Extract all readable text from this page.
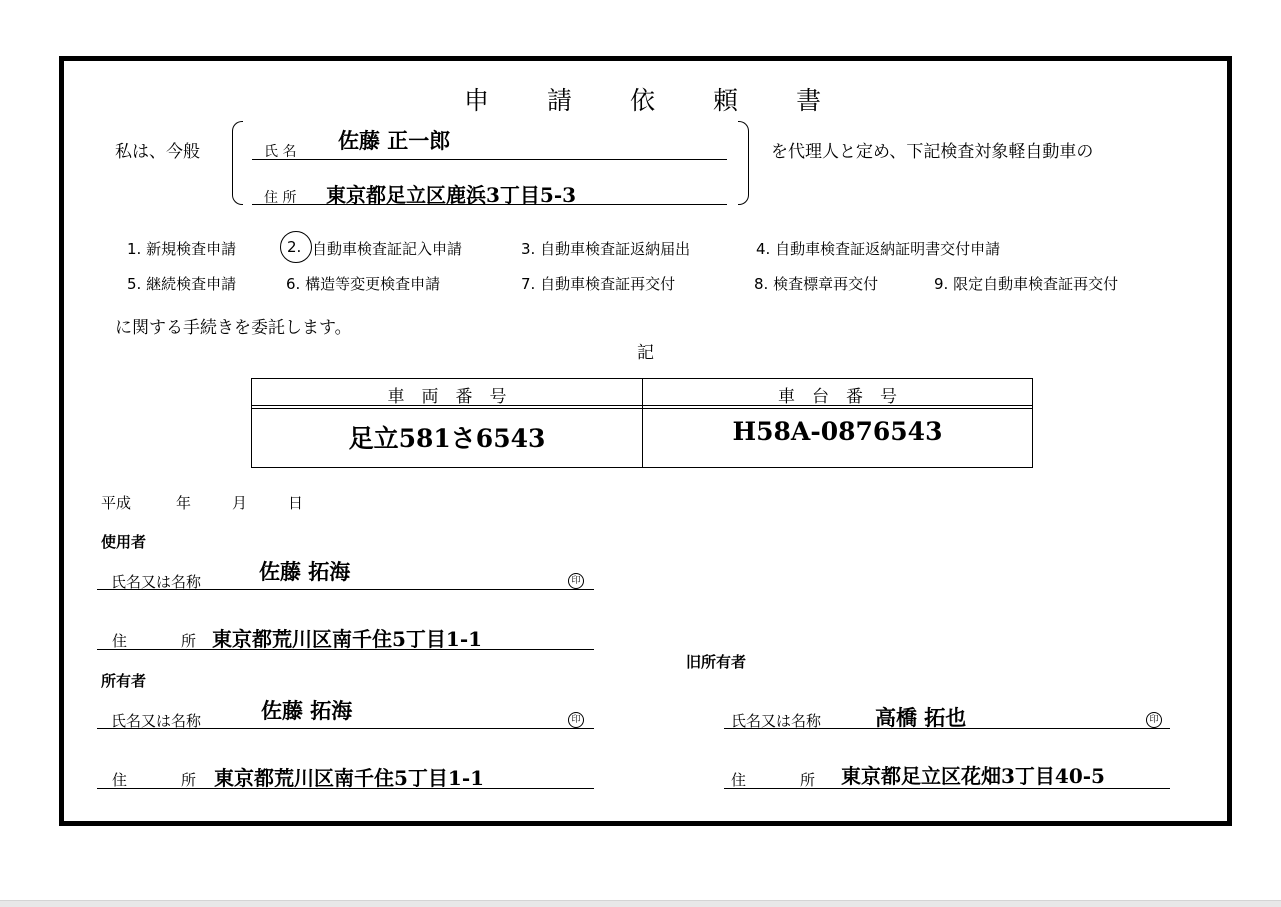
申 請 依 頼 書
私は、今般	氏 名 佐藤 正一郎
住 所 東京都足立区鹿浜3丁目5-3
を代理人と定め、下記検査対象軽自動車の
1. 新規検査申請	2. 自動車検査証記入申請	3. 自動車検査証返納届出	4. 自動車検査証返納証明書交付申請
5. 継続検査申請	6. 構造等変更検査申請	7. 自動車検査証再交付	8. 検査標章再交付	9. 限定自動車検査証再交付
に関する手続きを委託します。
記
車　両　番　号	車　台　番　号
足立581さ6543	H58A-0876543
平成	年	月	日
使用者
氏名又は名称	佐藤 拓海	印
住	所 東京都荒川区南千住5丁目1-1
旧所有者
所有者
氏名又は名称	佐藤 拓海	印
住	所 東京都荒川区南千住5丁目1-1
氏名又は名称	高橋 拓也	印
住	所 東京都足立区花畑3丁目40-5
